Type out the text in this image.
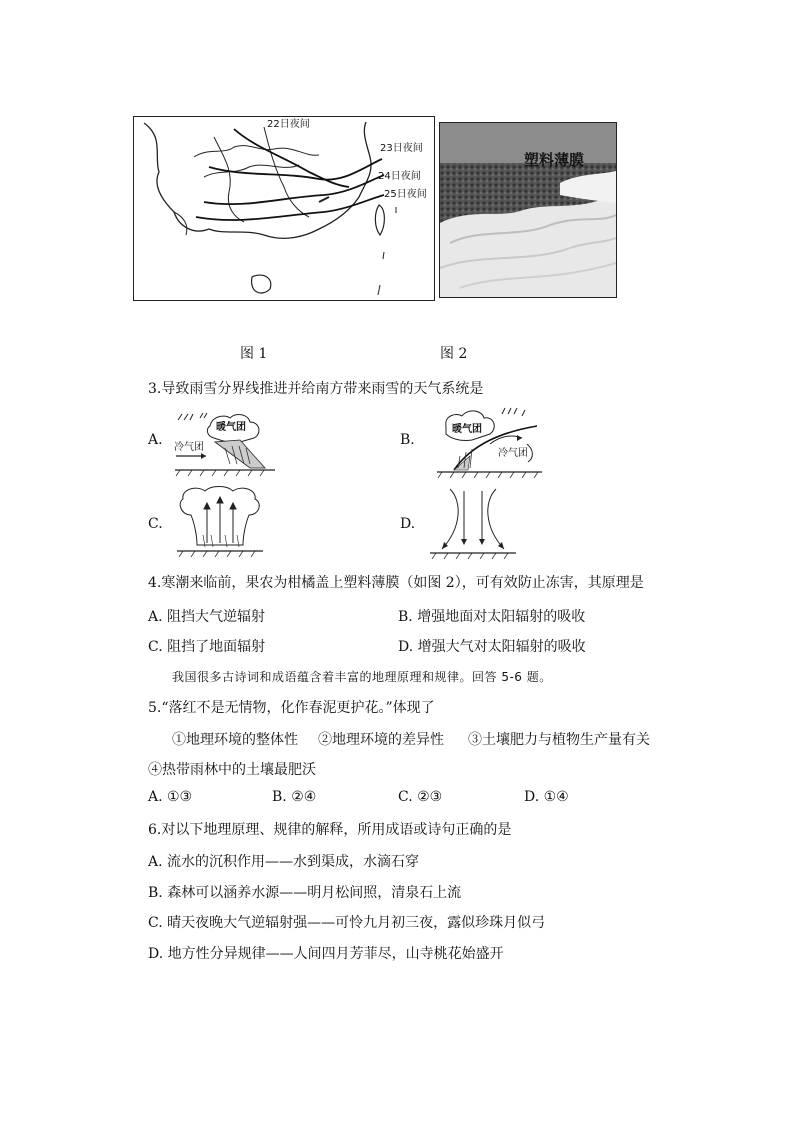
22日夜间
23日夜间
24日夜间
25日夜间
塑料薄膜
图 1	图 2
3.导致雨雪分界线推进并给南方带来雨雪的天气系统是
A.
暖气团
冷气团	B.
暖气团
冷气团
C.	D.
4.寒潮来临前，果农为柑橘盖上塑料薄膜（如图 2），可有效防止冻害，其原理是
A. 阻挡大气逆辐射	B. 增强地面对太阳辐射的吸收
C. 阻挡了地面辐射	D. 增强大气对太阳辐射的吸收
我国很多古诗词和成语蕴含着丰富的地理原理和规律。回答 5-6 题。
5.“落红不是无情物，化作春泥更护花。”体现了
①地理环境的整体性 ②地理环境的差异性 ③土壤肥力与植物生产量有关
④热带雨林中的土壤最肥沃
A. ①③	B. ②④	C. ②③	D. ①④
6.对以下地理原理、规律的解释，所用成语或诗句正确的是
A. 流水的沉积作用——水到渠成，水滴石穿
B. 森林可以涵养水源——明月松间照，清泉石上流
C. 晴天夜晚大气逆辐射强——可怜九月初三夜，露似珍珠月似弓
D. 地方性分异规律——人间四月芳菲尽，山寺桃花始盛开
